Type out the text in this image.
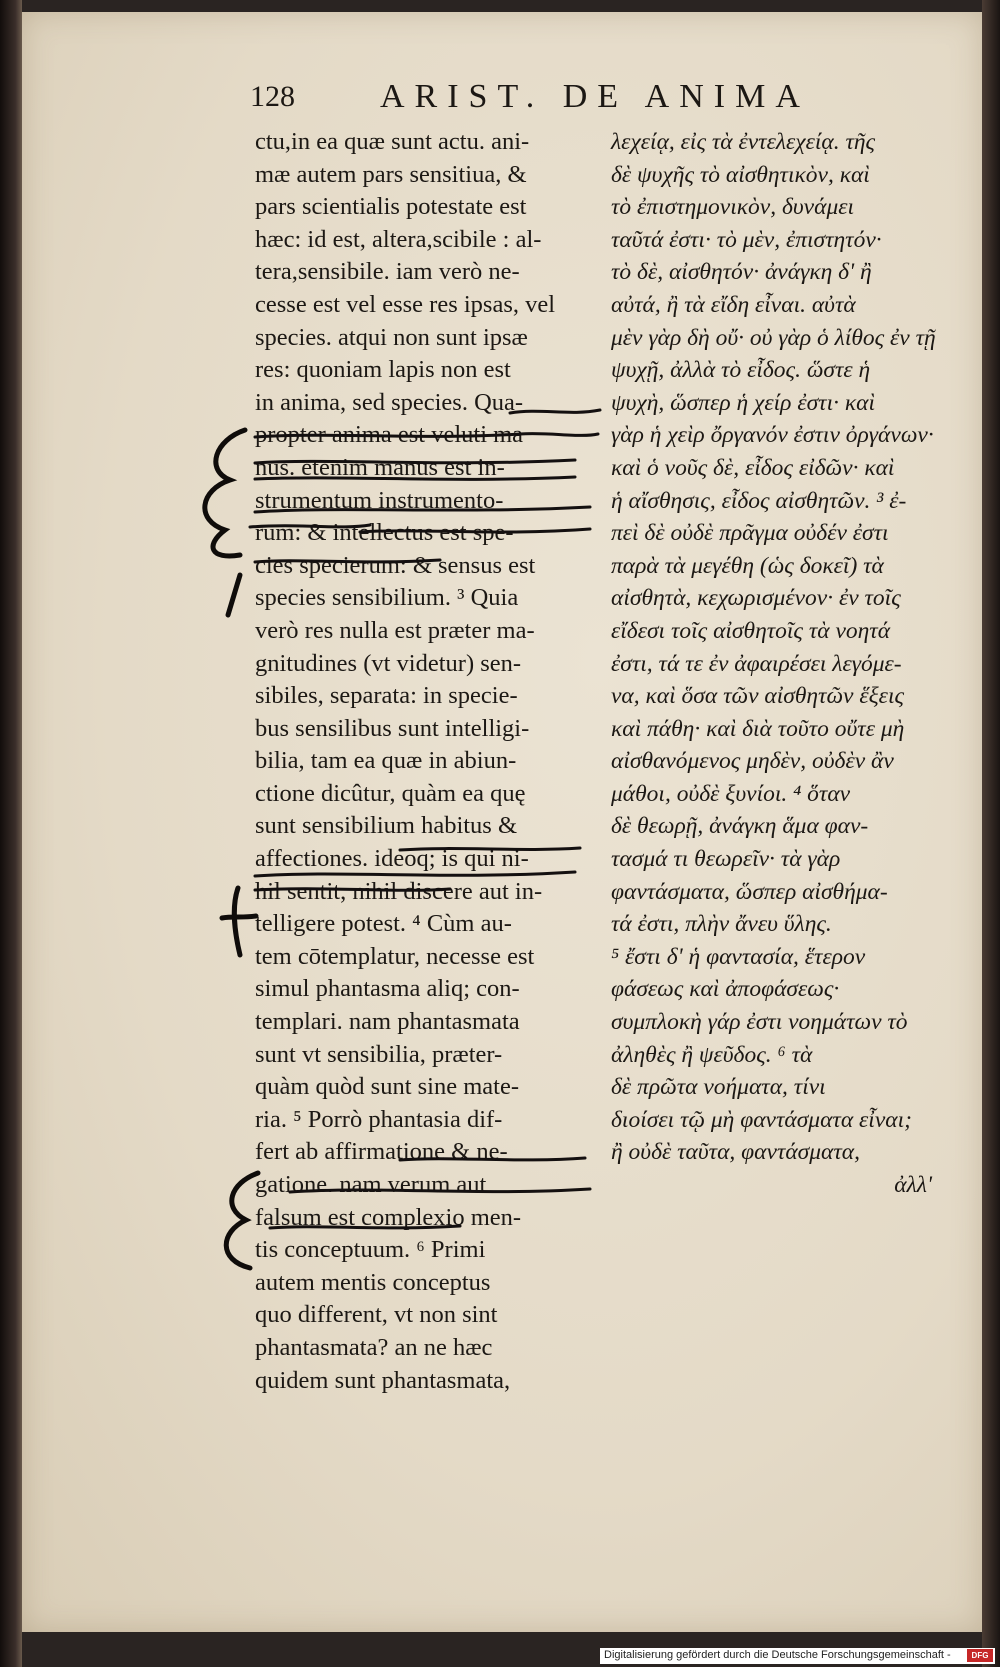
128	ARIST. DE ANIMA
ctu,in ea quæ sunt actu. ani-
mæ autem pars sensitiua, &
pars scientialis potestate est
hæc: id est, altera,scibile : al-
tera,sensibile. iam verò ne-
cesse est vel esse res ipsas, vel
species. atqui non sunt ipsæ
res: quoniam lapis non est
in anima, sed species. Qua-
propter anima est veluti ma
nus. etenim manus est in-
strumentum instrumento-
rum: & intellectus est spe-
cies specierum: & sensus est
species sensibilium. ³ Quia
verò res nulla est præter ma-
gnitudines (vt videtur) sen-
sibiles, separata: in specie-
bus sensilibus sunt intelligi-
bilia, tam ea quæ in abiun-
ctione dicûtur, quàm ea quę
sunt sensibilium habitus &
affectiones. ideoq; is qui ni-
hil sentit, nihil discere aut in-
telligere potest. ⁴ Cùm au-
tem cōtemplatur, necesse est
simul phantasma aliq; con-
templari. nam phantasmata
sunt vt sensibilia, præter-
quàm quòd sunt sine mate-
ria. ⁵ Porrò phantasia dif-
fert ab affirmatione & ne-
gatione. nam verum aut
falsum est complexio men-
tis conceptuum. ⁶ Primi
autem mentis conceptus
quo different, vt non sint
phantasmata? an ne hæc
quidem sunt phantasmata,
λεχείᾳ, εἰς τὰ ἐντελεχείᾳ. τῆς
δὲ ψυχῆς τὸ αἰσθητικὸν, καὶ
τὸ ἐπιστημονικὸν, δυνάμει
ταῦτά ἐστι· τὸ μὲν, ἐπιστητόν·
τὸ δὲ, αἰσθητόν· ἀνάγκη δ' ἢ
αὐτά, ἢ τὰ εἴδη εἶναι. αὐτὰ
μὲν γὰρ δὴ οὔ· οὐ γὰρ ὁ λίθος ἐν τῇ
ψυχῇ, ἀλλὰ τὸ εἶδος. ὥστε ἡ
ψυχὴ, ὥσπερ ἡ χείρ ἐστι· καὶ
γὰρ ἡ χεὶρ ὄργανόν ἐστιν ὀργάνων·
καὶ ὁ νοῦς δὲ, εἶδος εἰδῶν· καὶ
ἡ αἴσθησις, εἶδος αἰσθητῶν. ³ ἐ-
πεὶ δὲ οὐδὲ πρᾶγμα οὐδέν ἐστι
παρὰ τὰ μεγέθη (ὡς δοκεῖ) τὰ
αἰσθητὰ, κεχωρισμένον· ἐν τοῖς
εἴδεσι τοῖς αἰσθητοῖς τὰ νοητά
ἐστι, τά τε ἐν ἀφαιρέσει λεγόμε-
να, καὶ ὅσα τῶν αἰσθητῶν ἕξεις
καὶ πάθη· καὶ διὰ τοῦτο οὔτε μὴ
αἰσθανόμενος μηδὲν, οὐδὲν ἂν
μάθοι, οὐδὲ ξυνίοι. ⁴ ὅταν
δὲ θεωρῇ, ἀνάγκη ἅμα φαν-
τασμά τι θεωρεῖν· τὰ γὰρ
φαντάσματα, ὥσπερ αἰσθήμα-
τά ἐστι, πλὴν ἄνευ ὕλης.
⁵ ἔστι δ' ἡ φαντασία, ἕτερον
φάσεως καὶ ἀποφάσεως·
συμπλοκὴ γάρ ἐστι νοημάτων τὸ
ἀληθὲς ἢ ψεῦδος. ⁶ τὰ
δὲ πρῶτα νοήματα, τίνι
διοίσει τῷ μὴ φαντάσματα εἶναι;
ἢ οὐδὲ ταῦτα, φαντάσματα,
ἀλλ'
Digitalisierung gefördert durch die Deutsche Forschungsgemeinschaft -	DFG
